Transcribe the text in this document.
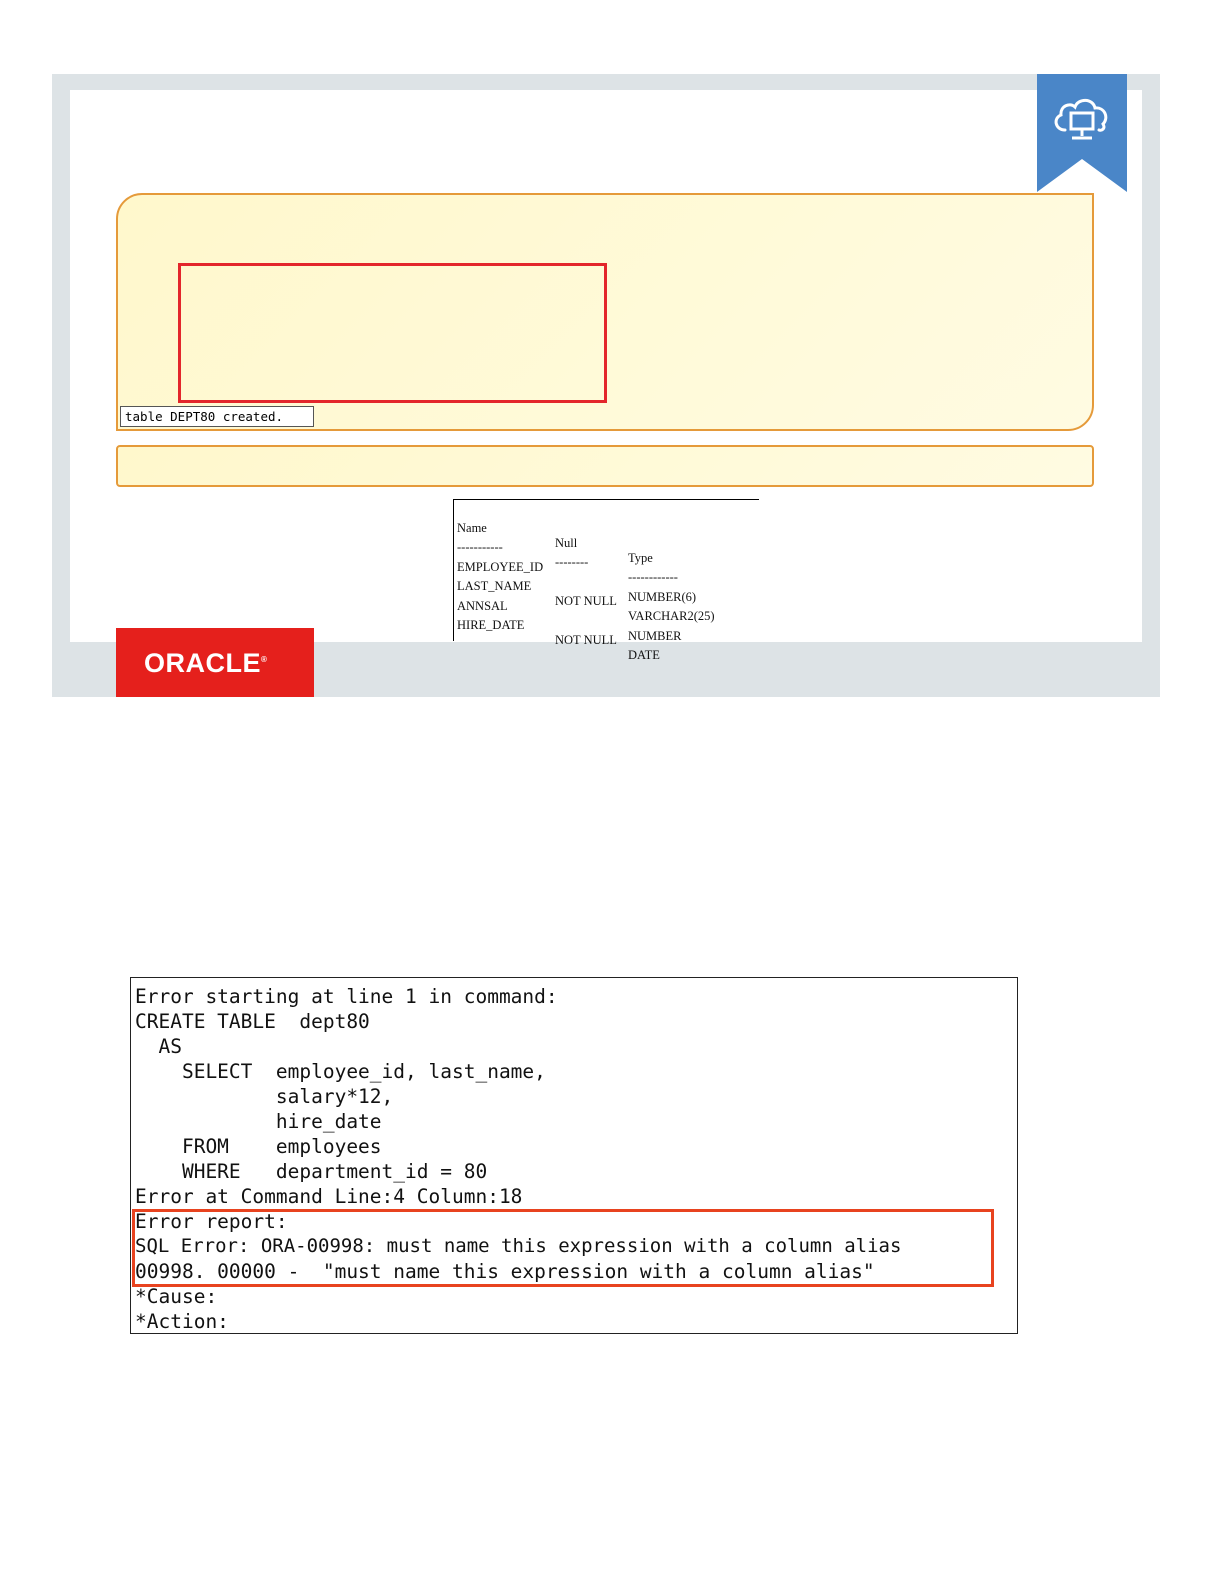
table DEPT80 created.

Name

Null

Type

-----------

--------

------------

EMPLOYEE_ID

NUMBER(6)

LAST_NAME

NOT NULL

VARCHAR2(25)

ANNSAL

NUMBER

HIRE_DATE

NOT NULL

DATE

ORACLE®
Error starting at line 1 in command:
CREATE TABLE  dept80
AS
SELECT  employee_id, last_name,
salary*12,
hire_date
FROM    employees
WHERE   department_id = 80
Error at Command Line:4 Column:18
Error report:
SQL Error: ORA-00998: must name this expression with a column alias
00998. 00000 -  "must name this expression with a column alias"
*Cause:
*Action:
